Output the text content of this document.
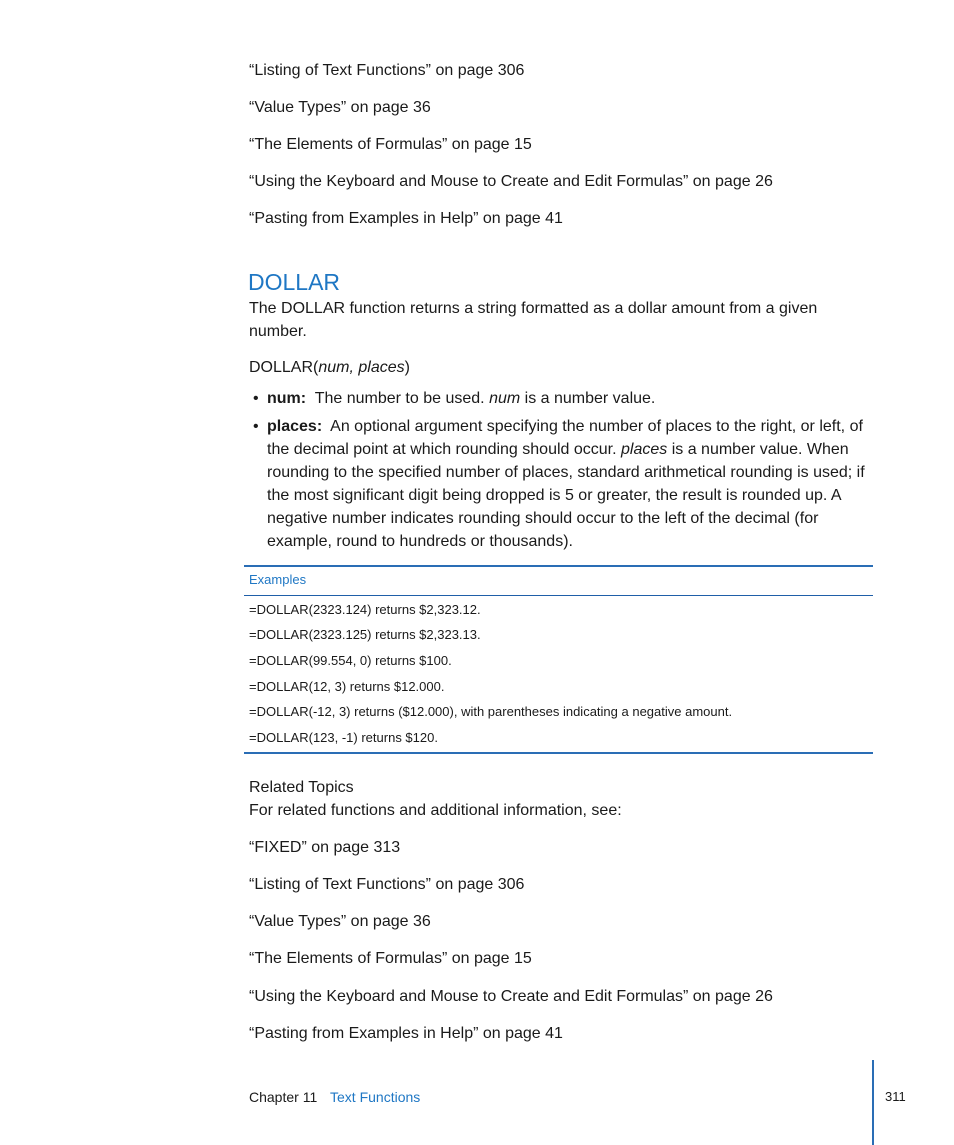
“Listing of Text Functions” on page 306
“Value Types” on page 36
“The Elements of Formulas” on page 15
“Using the Keyboard and Mouse to Create and Edit Formulas” on page 26
“Pasting from Examples in Help” on page 41
DOLLAR
The DOLLAR function returns a string formatted as a dollar amount from a given number.
DOLLAR(num, places)
• num: The number to be used. num is a number value.
• places: An optional argument specifying the number of places to the right, or left, of the decimal point at which rounding should occur. places is a number value. When rounding to the specified number of places, standard arithmetical rounding is used; if the most significant digit being dropped is 5 or greater, the result is rounded up. A negative number indicates rounding should occur to the left of the decimal (for example, round to hundreds or thousands).
Examples
=DOLLAR(2323.124) returns $2,323.12.
=DOLLAR(2323.125) returns $2,323.13.
=DOLLAR(99.554, 0) returns $100.
=DOLLAR(12, 3) returns $12.000.
=DOLLAR(-12, 3) returns ($12.000), with parentheses indicating a negative amount.
=DOLLAR(123, -1) returns $120.
Related Topics
For related functions and additional information, see:
“FIXED” on page 313
“Listing of Text Functions” on page 306
“Value Types” on page 36
“The Elements of Formulas” on page 15
“Using the Keyboard and Mouse to Create and Edit Formulas” on page 26
“Pasting from Examples in Help” on page 41
Chapter 11 Text Functions	311
